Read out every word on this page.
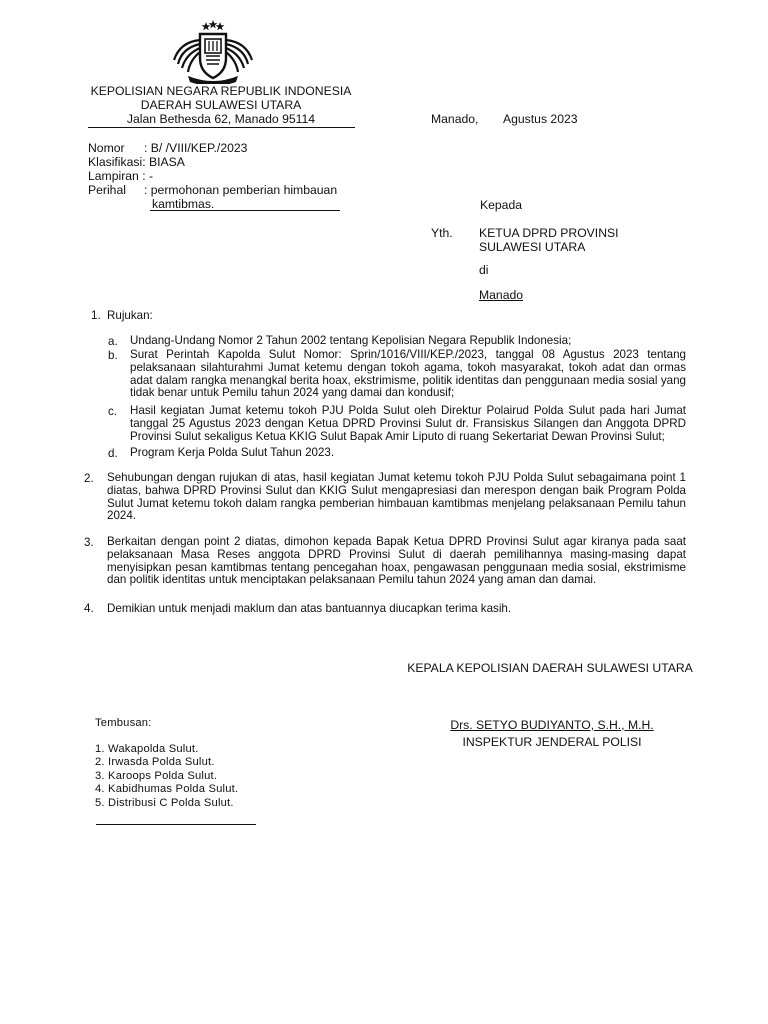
KEPOLISIAN NEGARA REPUBLIK INDONESIA
DAERAH SULAWESI UTARA
Jalan Bethesda 62, Manado 95114	Manado, Agustus 2023
Nomor : B/ /VIII/KEP./2023
Klasifikasi: BIASA
Lampiran : -
Perihal : permohonan pemberian himbauan
kamtibmas.	Kepada
Yth. KETUA DPRD PROVINSI
SULAWESI UTARA
di
Manado
1. Rujukan:
a. Undang-Undang Nomor 2 Tahun 2002 tentang Kepolisian Negara Republik Indonesia;
b. Surat Perintah Kapolda Sulut Nomor: Sprin/1016/VIII/KEP./2023, tanggal 08 Agustus 2023 tentang pelaksanaan silahturahmi Jumat ketemu dengan tokoh agama, tokoh masyarakat, tokoh adat dan ormas adat dalam rangka menangkal berita hoax, ekstrimisme, politik identitas dan penggunaan media sosial yang tidak benar untuk Pemilu tahun 2024 yang damai dan kondusif;
c. Hasil kegiatan Jumat ketemu tokoh PJU Polda Sulut oleh Direktur Polairud Polda Sulut pada hari Jumat tanggal 25 Agustus 2023 dengan Ketua DPRD Provinsi Sulut dr. Fransiskus Silangen dan Anggota DPRD Provinsi Sulut sekaligus Ketua KKIG Sulut Bapak Amir Liputo di ruang Sekertariat Dewan Provinsi Sulut;
d. Program Kerja Polda Sulut Tahun 2023.
2. Sehubungan dengan rujukan di atas, hasil kegiatan Jumat ketemu tokoh PJU Polda Sulut sebagaimana point 1 diatas, bahwa DPRD Provinsi Sulut dan KKIG Sulut mengapresiasi dan merespon dengan baik Program Polda Sulut Jumat ketemu tokoh dalam rangka pemberian himbauan kamtibmas menjelang pelaksanaan Pemilu tahun 2024.
3. Berkaitan dengan point 2 diatas, dimohon kepada Bapak Ketua DPRD Provinsi Sulut agar kiranya pada saat pelaksanaan Masa Reses anggota DPRD Provinsi Sulut di daerah pemilihannya masing-masing dapat menyisipkan pesan kamtibmas tentang pencegahan hoax, pengawasan penggunaan media sosial, ekstrimisme dan politik identitas untuk menciptakan pelaksanaan Pemilu tahun 2024 yang aman dan damai.
4. Demikian untuk menjadi maklum dan atas bantuannya diucapkan terima kasih.
KEPALA KEPOLISIAN DAERAH SULAWESI UTARA
Drs. SETYO BUDIYANTO, S.H., M.H.
INSPEKTUR JENDERAL POLISI
Tembusan:
1. Wakapolda Sulut.
2. Irwasda Polda Sulut.
3. Karoops Polda Sulut.
4. Kabidhumas Polda Sulut.
5. Distribusi C Polda Sulut.
